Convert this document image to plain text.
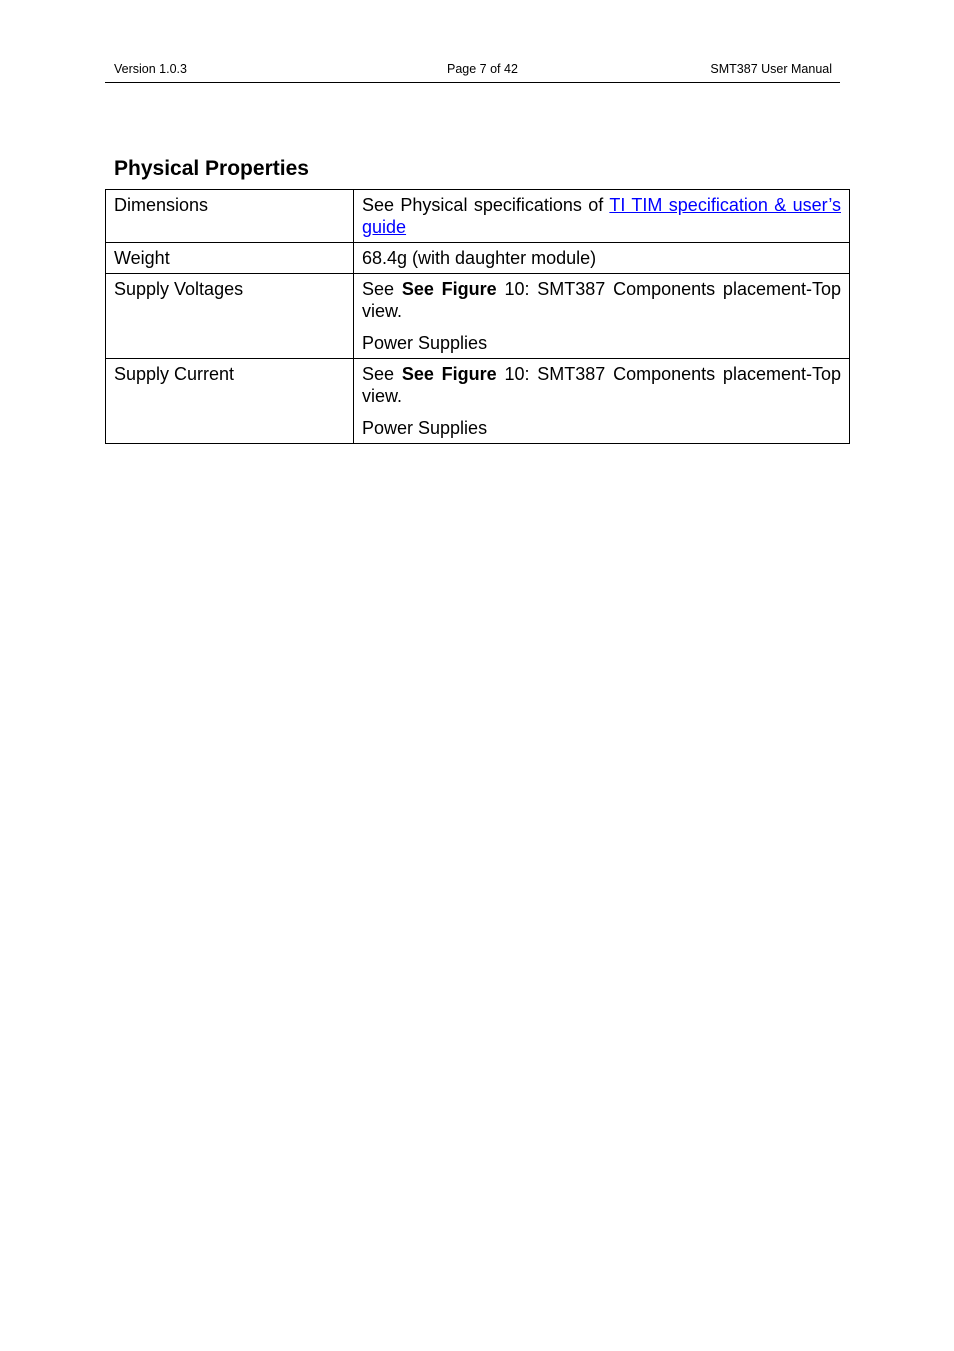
Version 1.0.3	Page 7 of 42	SMT387 User Manual
Physical Properties
Dimensions	See Physical specifications of TI TIM specification & user’s guide
Weight	68.4g (with daughter module)
Supply Voltages	See See Figure 10: SMT387 Components placement-Top view.

Power Supplies

Supply Current	See See Figure 10: SMT387 Components placement-Top view.

Power Supplies
